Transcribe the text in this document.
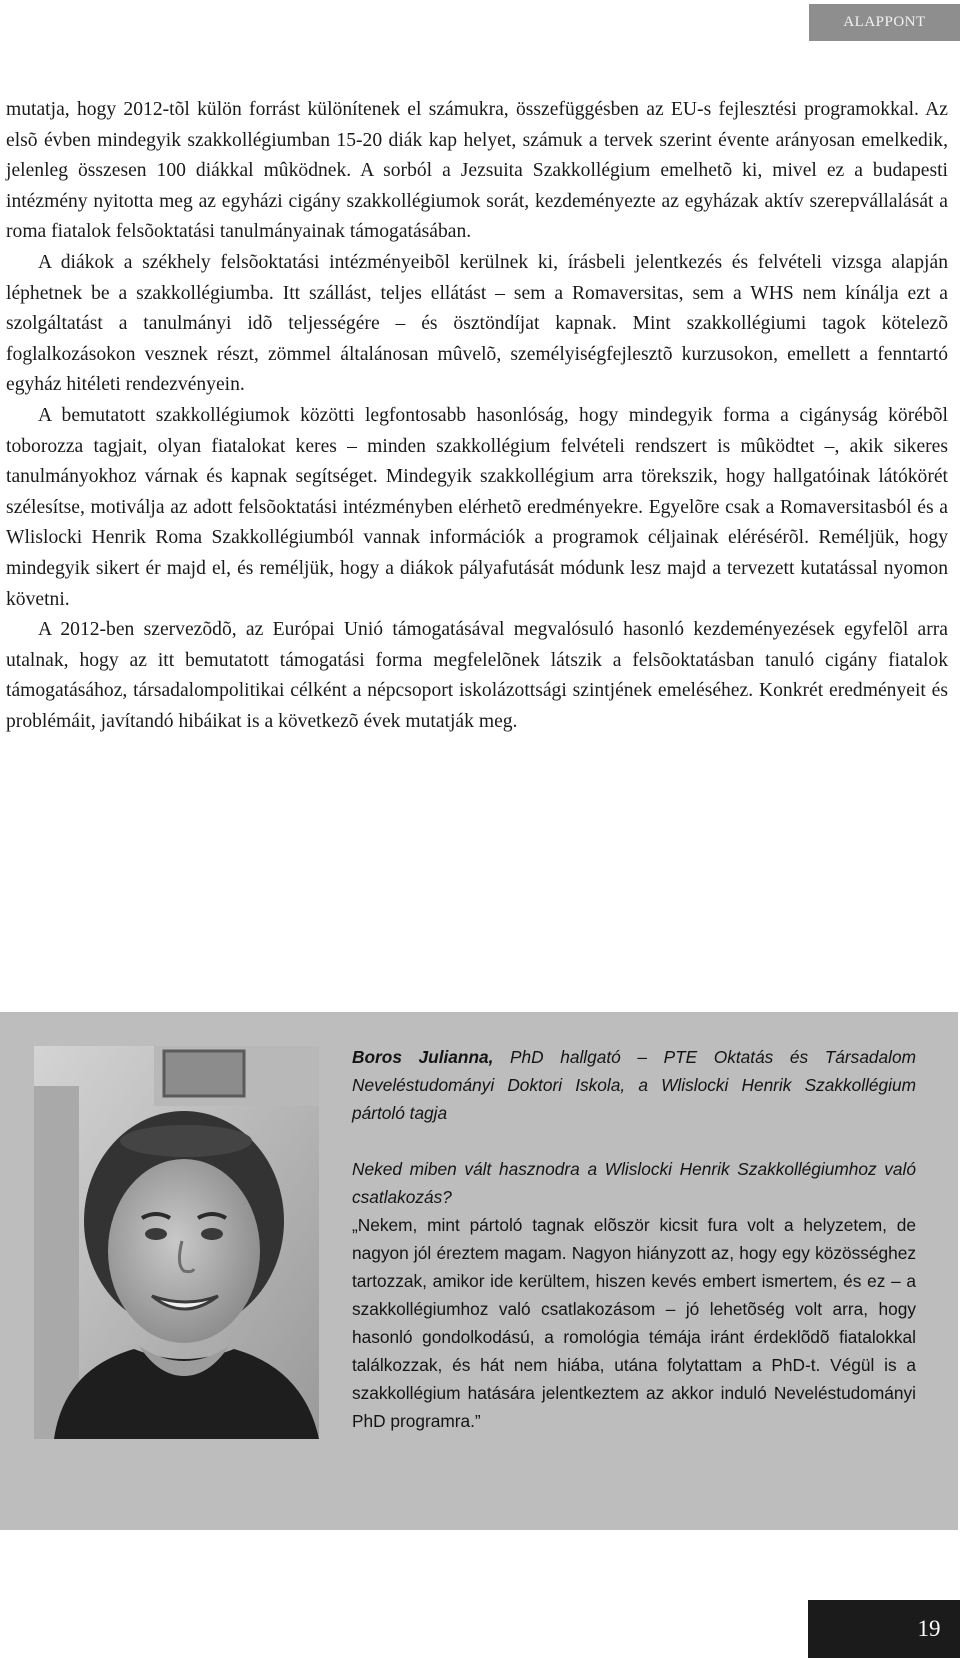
ALAPPONT

mutatja, hogy 2012-tõl külön forrást különítenek el számukra, összefüggésben az EU-s fejlesztési programokkal. Az elsõ évben mindegyik szakkollégiumban 15-20 diák kap helyet, számuk a tervek szerint évente arányosan emelkedik, jelenleg összesen 100 diákkal mûködnek. A sorból a Jezsuita Szakkollégium emelhetõ ki, mivel ez a budapesti intézmény nyitotta meg az egyházi cigány szakkollégiumok sorát, kezdeményezte az egyházak aktív szerepvállalását a roma fiatalok felsõoktatási tanulmányainak támogatásában.

A diákok a székhely felsõoktatási intézményeibõl kerülnek ki, írásbeli jelentkezés és felvételi vizsga alapján léphetnek be a szakkollégiumba. Itt szállást, teljes ellátást – sem a Romaversitas, sem a WHS nem kínálja ezt a szolgáltatást a tanulmányi idõ teljességére – és ösztöndíjat kapnak. Mint szakkollégiumi tagok kötelezõ foglalkozásokon vesznek részt, zömmel általánosan mûvelõ, személyiségfejlesztõ kurzusokon, emellett a fenntartó egyház hitéleti rendezvényein.

A bemutatott szakkollégiumok közötti legfontosabb hasonlóság, hogy mindegyik forma a cigányság körébõl toborozza tagjait, olyan fiatalokat keres – minden szakkollégium felvételi rendszert is mûködtet –, akik sikeres tanulmányokhoz várnak és kapnak segítséget. Mindegyik szakkollégium arra törekszik, hogy hallgatóinak látókörét szélesítse, motiválja az adott felsõoktatási intézményben elérhetõ eredményekre. Egyelõre csak a Romaversitasból és a Wlislocki Henrik Roma Szakkollégiumból vannak információk a programok céljainak elérésérõl. Reméljük, hogy mindegyik sikert ér majd el, és reméljük, hogy a diákok pályafutását módunk lesz majd a tervezett kutatással nyomon követni.

A 2012-ben szervezõdõ, az Európai Unió támogatásával megvalósuló hasonló kezdeményezések egyfelõl arra utalnak, hogy az itt bemutatott támogatási forma megfelelõnek látszik a felsõoktatásban tanuló cigány fiatalok támogatásához, társadalompolitikai célként a népcsoport iskolázottsági szintjének emeléséhez. Konkrét eredményeit és problémáit, javítandó hibáikat is a következõ évek mutatják meg.

Boros Julianna, PhD hallgató – PTE Oktatás és Társadalom Neveléstudományi Doktori Iskola, a Wlislocki Henrik Szakkollégium pártoló tagja

Neked miben vált hasznodra a Wlislocki Henrik Szakkollégiumhoz való csatlakozás?

„Nekem, mint pártoló tagnak elõször kicsit fura volt a helyzetem, de nagyon jól éreztem magam. Nagyon hiányzott az, hogy egy közösséghez tartozzak, amikor ide kerültem, hiszen kevés embert ismertem, és ez – a szakkollégiumhoz való csatlakozásom – jó lehetõség volt arra, hogy hasonló gondolkodású, a romológia témája iránt érdeklõdõ fiatalokkal találkozzak, és hát nem hiába, utána folytattam a PhD-t. Végül is a szakkollégium hatására jelentkeztem az akkor induló Neveléstudományi PhD programra.”

19
